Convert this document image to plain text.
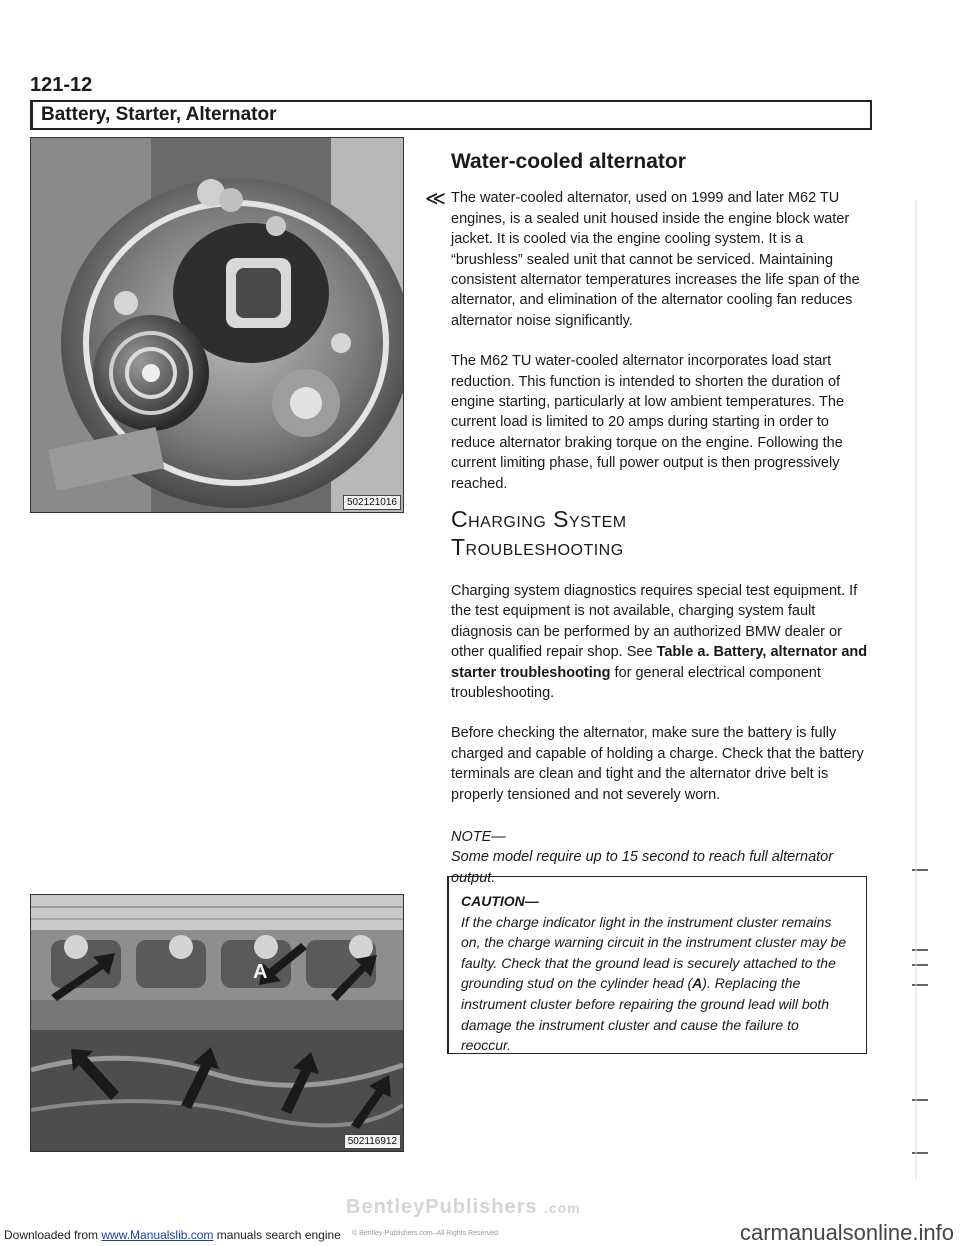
121-12
Battery, Starter, Alternator
502121016
A
502116912
Water-cooled alternator
≪ The water-cooled alternator, used on 1999 and later M62 TU engines, is a sealed unit housed inside the engine block water jacket. It is cooled via the engine cooling system. It is a “brushless” sealed unit that cannot be serviced. Maintaining consistent alternator temperatures increases the life span of the alternator, and elimination of the alternator cooling fan reduces alternator noise significantly.

The M62 TU water-cooled alternator incorporates load start reduction. This function is intended to shorten the duration of engine starting, particularly at low ambient temperatures. The current load is limited to 20 amps during starting in order to reduce alternator braking torque on the engine. Following the current limiting phase, full power output is then progressively reached.

Charging System
Troubleshooting

Charging system diagnostics requires special test equipment. If the test equipment is not available, charging system fault diagnosis can be performed by an authorized BMW dealer or other qualified repair shop. See Table a. Battery, alternator and starter troubleshooting for general electrical component troubleshooting.

Before checking the alternator, make sure the battery is fully charged and capable of holding a charge. Check that the battery terminals are clean and tight and the alternator drive belt is properly tensioned and not severely worn.

NOTE—

Some model require up to 15 second to reach full alternator output.

CAUTION—

If the charge indicator light in the instrument cluster remains on, the charge warning circuit in the instrument cluster may be faulty. Check that the ground lead is securely attached to the grounding stud on the cylinder head (A). Replacing the instrument cluster before repairing the ground lead will both damage the instrument cluster and cause the failure to reoccur.

BentleyPublishers .com
© Bentley-Publishers.com–All Rights Reserved
Downloaded from www.Manualslib.com manuals search engine	carmanualsonline.info
